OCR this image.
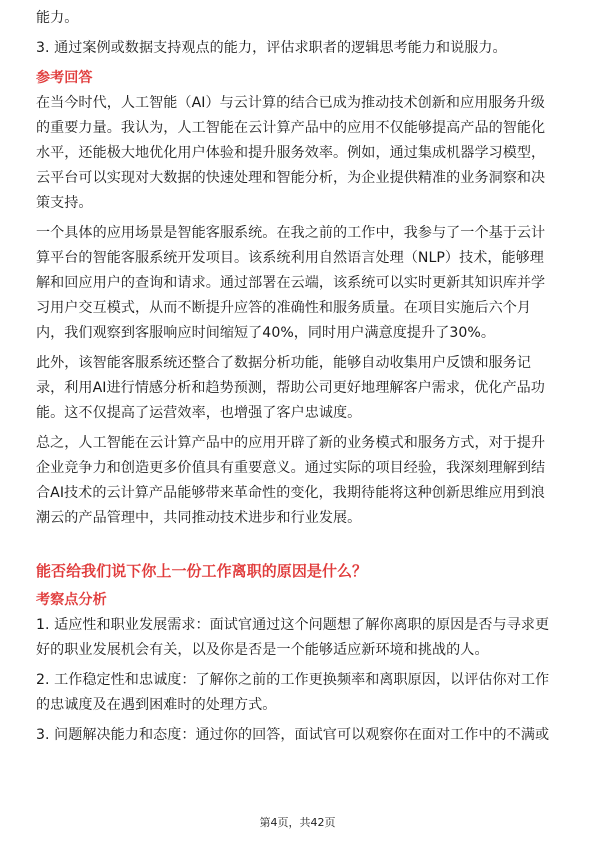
能力。

3. 通过案例或数据支持观点的能力，评估求职者的逻辑思考能力和说服力。

参考回答

在当今时代，人工智能（AI）与云计算的结合已成为推动技术创新和应用服务升级的重要力量。我认为，人工智能在云计算产品中的应用不仅能够提高产品的智能化水平，还能极大地优化用户体验和提升服务效率。例如，通过集成机器学习模型，云平台可以实现对大数据的快速处理和智能分析，为企业提供精准的业务洞察和决策支持。

一个具体的应用场景是智能客服系统。在我之前的工作中，我参与了一个基于云计算平台的智能客服系统开发项目。该系统利用自然语言处理（NLP）技术，能够理解和回应用户的查询和请求。通过部署在云端，该系统可以实时更新其知识库并学习用户交互模式，从而不断提升应答的准确性和服务质量。在项目实施后六个月内，我们观察到客服响应时间缩短了40%，同时用户满意度提升了30%。

此外，该智能客服系统还整合了数据分析功能，能够自动收集用户反馈和服务记录，利用AI进行情感分析和趋势预测，帮助公司更好地理解客户需求，优化产品功能。这不仅提高了运营效率，也增强了客户忠诚度。

总之，人工智能在云计算产品中的应用开辟了新的业务模式和服务方式，对于提升企业竞争力和创造更多价值具有重要意义。通过实际的项目经验，我深刻理解到结合AI技术的云计算产品能够带来革命性的变化，我期待能将这种创新思维应用到浪潮云的产品管理中，共同推动技术进步和行业发展。

能否给我们说下你上一份工作离职的原因是什么？

考察点分析

1. 适应性和职业发展需求：面试官通过这个问题想了解你离职的原因是否与寻求更好的职业发展机会有关，以及你是否是一个能够适应新环境和挑战的人。

2. 工作稳定性和忠诚度：了解你之前的工作更换频率和离职原因，以评估你对工作的忠诚度及在遇到困难时的处理方式。

3. 问题解决能力和态度：通过你的回答，面试官可以观察你在面对工作中的不满或

第4页，共42页
